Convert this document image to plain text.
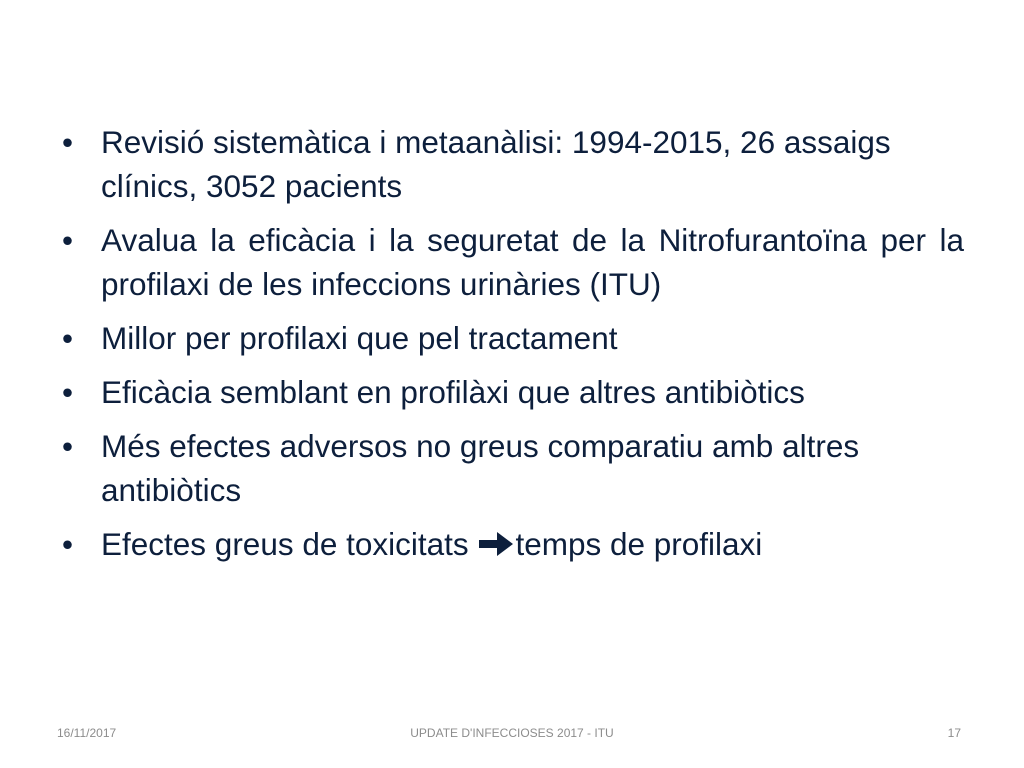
• Revisió sistemàtica i metaanàlisi: 1994-2015, 26 assaigs clínics, 3052 pacients
• Avalua la eficàcia i la seguretat de la Nitrofurantoïna per la profilaxi de les infeccions urinàries (ITU)
• Millor per profilaxi que pel tractament
• Eficàcia semblant en profilàxi que altres antibiòtics
• Més efectes adversos no greus comparatiu amb altres antibiòtics
• Efectes greus de toxicitats temps de profilaxi
16/11/2017	UPDATE D'INFECCIOSES 2017 - ITU	17
